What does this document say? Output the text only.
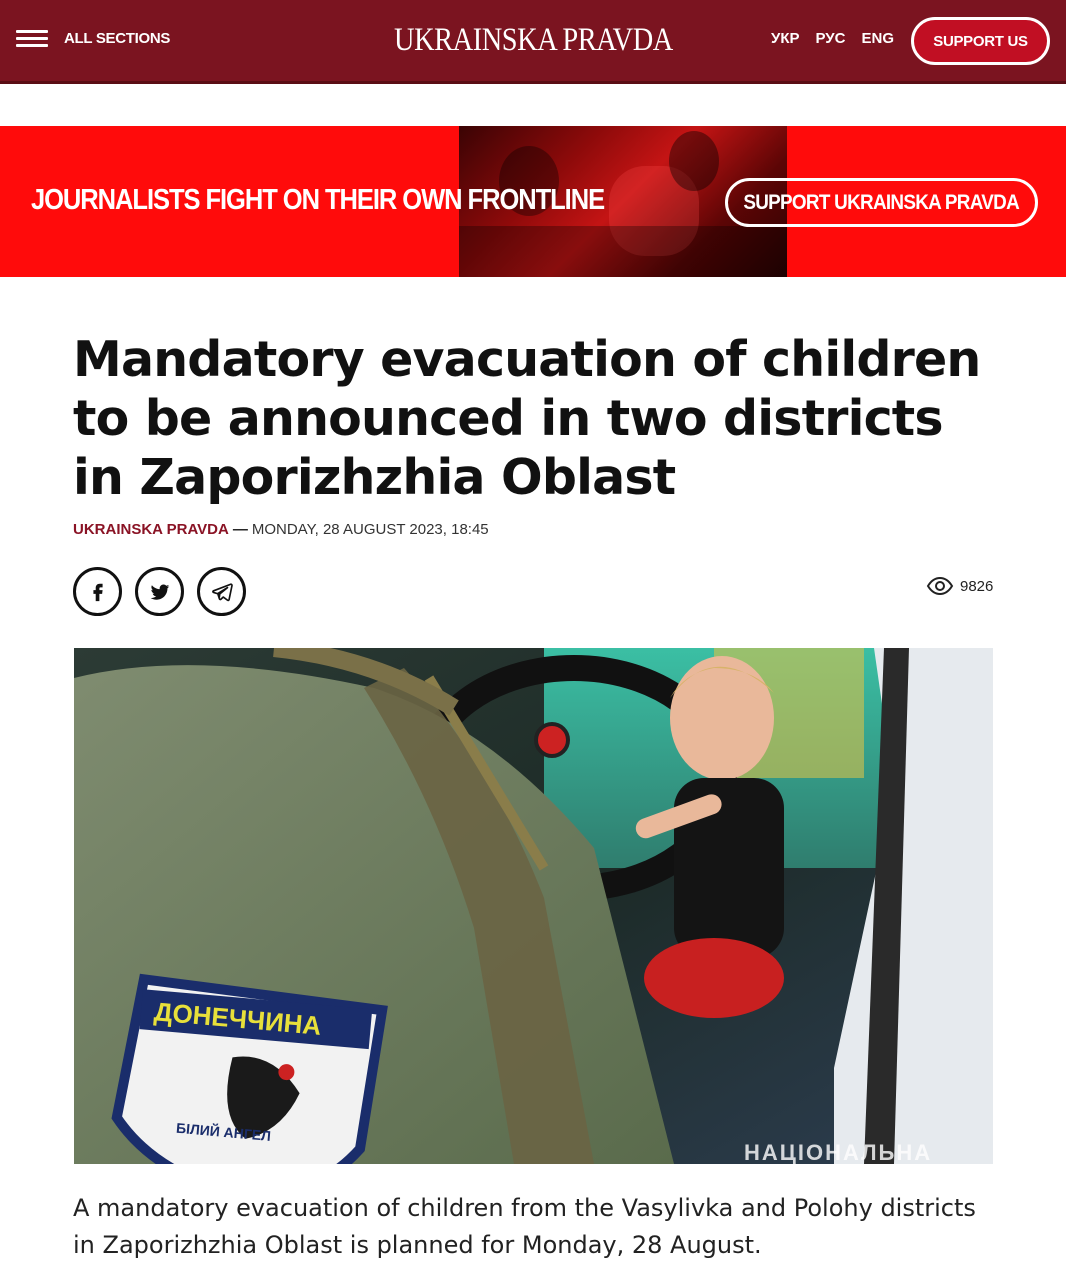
ALL SECTIONS	UKRAINSKA PRAVDA	УКР РУС ENG	SUPPORT US
JOURNALISTS FIGHT ON THEIR OWN FRONTLINE	SUPPORT UKRAINSKA PRAVDA
Mandatory evacuation of children to be announced in two districts in Zaporizhzhia Oblast
UKRAINSKA PRAVDA — MONDAY, 28 AUGUST 2023, 18:45
9826
ДОНЕЧЧИНА
БІЛИЙ АНГЕЛ
НАЦІОНАЛЬНА

A mandatory evacuation of children from the Vasylivka and Polohy districts in Zaporizhzhia Oblast is planned for Monday, 28 August.
